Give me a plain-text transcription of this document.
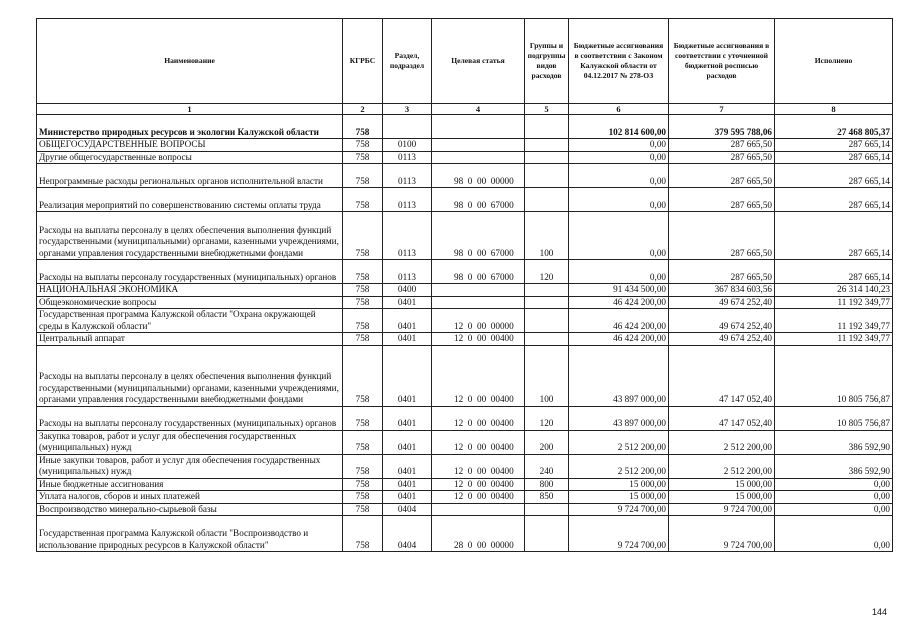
Наименование	КГРБС	Раздел, подраздел	Целевая статья	Группы и подгруппы видов расходов	Бюджетные ассигнования в соответствии с Законом Калужской области от 04.12.2017 № 278-ОЗ	Бюджетные ассигнования в соответствии с уточненной бюджетной росписью расходов	Исполнено
1	2	3	4	5	6	7	8
Министерство природных ресурсов и экологии Калужской области	758				102 814 600,00	379 595 788,06	27 468 805,37
ОБЩЕГОСУДАРСТВЕННЫЕ ВОПРОСЫ	758	0100			0,00	287 665,50	287 665,14
Другие общегосударственные вопросы	758	0113			0,00	287 665,50	287 665,14
Непрограммные расходы региональных органов исполнительной власти	758	0113	98  0  00  00000		0,00	287 665,50	287 665,14
Реализация мероприятий по совершенствованию системы оплаты труда	758	0113	98  0  00  67000		0,00	287 665,50	287 665,14
Расходы на выплаты персоналу в целях обеспечения выполнения функций государственными (муниципальными) органами, казенными учреждениями, органами управления государственными внебюджетными фондами	758	0113	98  0  00  67000	100	0,00	287 665,50	287 665,14
Расходы на выплаты персоналу государственных (муниципальных) органов	758	0113	98  0  00  67000	120	0,00	287 665,50	287 665,14
НАЦИОНАЛЬНАЯ ЭКОНОМИКА	758	0400			91 434 500,00	367 834 603,56	26 314 140,23
Общеэкономические вопросы	758	0401			46 424 200,00	49 674 252,40	11 192 349,77
Государственная программа Калужской области "Охрана окружающей среды в Калужской области"	758	0401	12  0  00  00000		46 424 200,00	49 674 252,40	11 192 349,77
Центральный аппарат	758	0401	12  0  00  00400		46 424 200,00	49 674 252,40	11 192 349,77
Расходы на выплаты персоналу в целях обеспечения выполнения функций государственными (муниципальными) органами, казенными учреждениями, органами управления государственными внебюджетными фондами	758	0401	12  0  00  00400	100	43 897 000,00	47 147 052,40	10 805 756,87
Расходы на выплаты персоналу государственных (муниципальных) органов	758	0401	12  0  00  00400	120	43 897 000,00	47 147 052,40	10 805 756,87
Закупка товаров, работ и услуг для обеспечения государственных (муниципальных) нужд	758	0401	12  0  00  00400	200	2 512 200,00	2 512 200,00	386 592,90
Иные закупки товаров, работ и услуг для обеспечения государственных (муниципальных) нужд	758	0401	12  0  00  00400	240	2 512 200,00	2 512 200,00	386 592,90
Иные бюджетные ассигнования	758	0401	12  0  00  00400	800	15 000,00	15 000,00	0,00
Уплата налогов, сборов и иных платежей	758	0401	12  0  00  00400	850	15 000,00	15 000,00	0,00
Воспроизводство минерально-сырьевой базы	758	0404			9 724 700,00	9 724 700,00	0,00
Государственная программа Калужской области "Воспроизводство и использование природных ресурсов в Калужской области"	758	0404	28  0  00  00000		9 724 700,00	9 724 700,00	0,00
144
